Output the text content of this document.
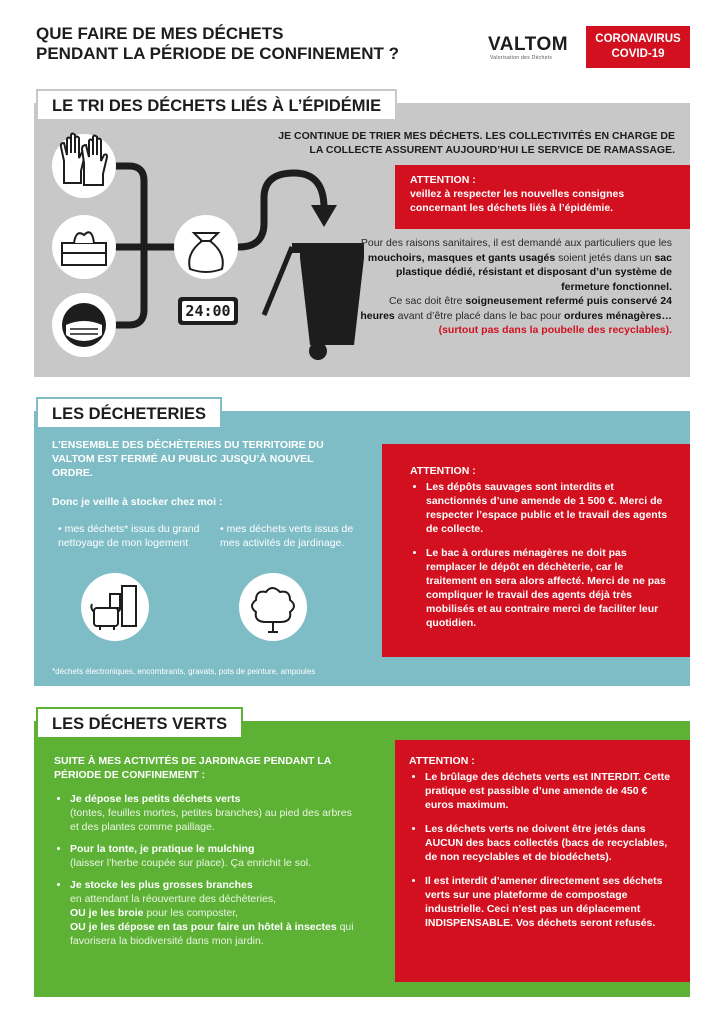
QUE FAIRE DE MES DÉCHETS
PENDANT LA PÉRIODE DE CONFINEMENT ?	VALTOM
Valorisation des Déchets
CORONAVIRUS
COVID-19
LE TRI DES DÉCHETS LIÉS À L’ÉPIDÉMIE
24:00
JE CONTINUE DE TRIER MES DÉCHETS. LES COLLECTIVITÉS EN CHARGE DE LA COLLECTE ASSURENT AUJOURD’HUI LE SERVICE DE RAMASSAGE.
ATTENTION :
veillez à respecter les nouvelles consignes concernant les déchets liés à l’épidémie.
Pour des raisons sanitaires, il est demandé aux particuliers que les mouchoirs, masques et gants usagés soient jetés dans un sac plastique dédié, résistant et disposant d’un système de fermeture fonctionnel.
Ce sac doit être soigneusement refermé puis conservé 24 heures avant d’être placé dans le bac pour ordures ménagères…
(surtout pas dans la poubelle des recyclables).
LES DÉCHETERIES
L’ENSEMBLE DES DÉCHÈTERIES DU TERRITOIRE DU VALTOM EST FERMÉ AU PUBLIC JUSQU’À NOUVEL ORDRE.
Donc je veille à stocker chez moi :
• mes déchets* issus du grand nettoyage de mon logement
• mes déchets verts issus de mes activités de jardinage.
*déchets électroniques, encombrants, gravats, pots de peinture, ampoules
ATTENTION :
• Les dépôts sauvages sont interdits et sanctionnés d’une amende de 1 500 €. Merci de respecter l’espace public et le travail des agents de collecte.
• Le bac à ordures ménagères ne doit pas remplacer le dépôt en déchèterie, car le traitement en sera alors affecté. Merci de ne pas compliquer le travail des agents déjà très mobilisés et au contraire merci de faciliter leur quotidien.
LES DÉCHETS VERTS
SUITE À MES ACTIVITÉS DE JARDINAGE PENDANT LA PÉRIODE DE CONFINEMENT :
• Je dépose les petits déchets verts
(tontes, feuilles mortes, petites branches) au pied des arbres et des plantes comme paillage.
• Pour la tonte, je pratique le mulching
(laisser l’herbe coupée sur place). Ça enrichit le sol.
• Je stocke les plus grosses branches
en attendant la réouverture des déchèteries,
OU je les broie pour les composter,
OU je les dépose en tas pour faire un hôtel à insectes qui favorisera la biodiversité dans mon jardin.
ATTENTION :
• Le brûlage des déchets verts est INTERDIT. Cette pratique est passible d’une amende de 450 € euros maximum.
• Les déchets verts ne doivent être jetés dans AUCUN des bacs collectés (bacs de recyclables, de non recyclables et de biodéchets).
• Il est interdit d’amener directement ses déchets verts sur une plateforme de compostage industrielle. Ceci n’est pas un déplacement INDISPENSABLE. Vos déchets seront refusés.
